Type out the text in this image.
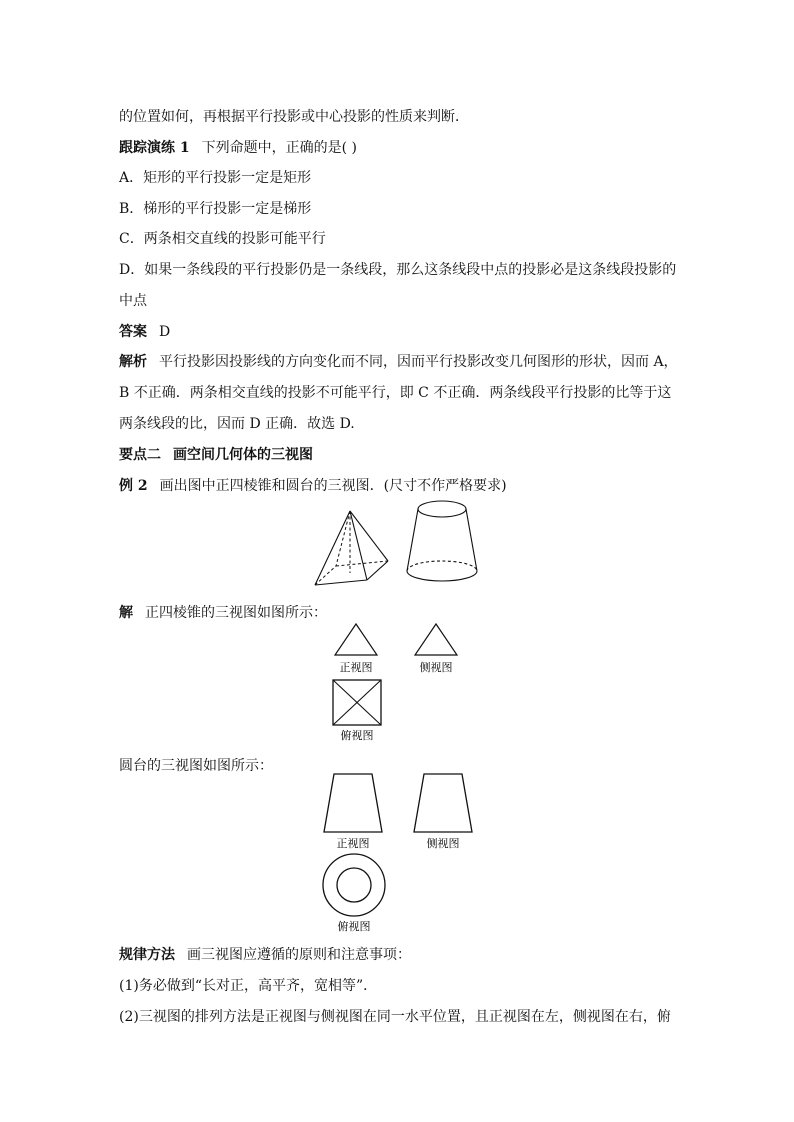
的位置如何，再根据平行投影或中心投影的性质来判断．
跟踪演练 1 下列命题中，正确的是( )
A．矩形的平行投影一定是矩形
B．梯形的平行投影一定是梯形
C．两条相交直线的投影可能平行
D．如果一条线段的平行投影仍是一条线段，那么这条线段中点的投影必是这条线段投影的
中点
答案 D
解析 平行投影因投影线的方向变化而不同，因而平行投影改变几何图形的形状，因而 A，
B 不正确．两条相交直线的投影不可能平行，即 C 不正确．两条线段平行投影的比等于这
两条线段的比，因而 D 正确．故选 D.
要点二 画空间几何体的三视图
例 2 画出图中正四棱锥和圆台的三视图．(尺寸不作严格要求)
解 正四棱锥的三视图如图所示：
正视图	侧视图
俯视图
圆台的三视图如图所示：
正视图	侧视图
俯视图
规律方法 画三视图应遵循的原则和注意事项：
(1)务必做到“长对正，高平齐，宽相等”．
(2)三视图的排列方法是正视图与侧视图在同一水平位置，且正视图在左，侧视图在右，俯
